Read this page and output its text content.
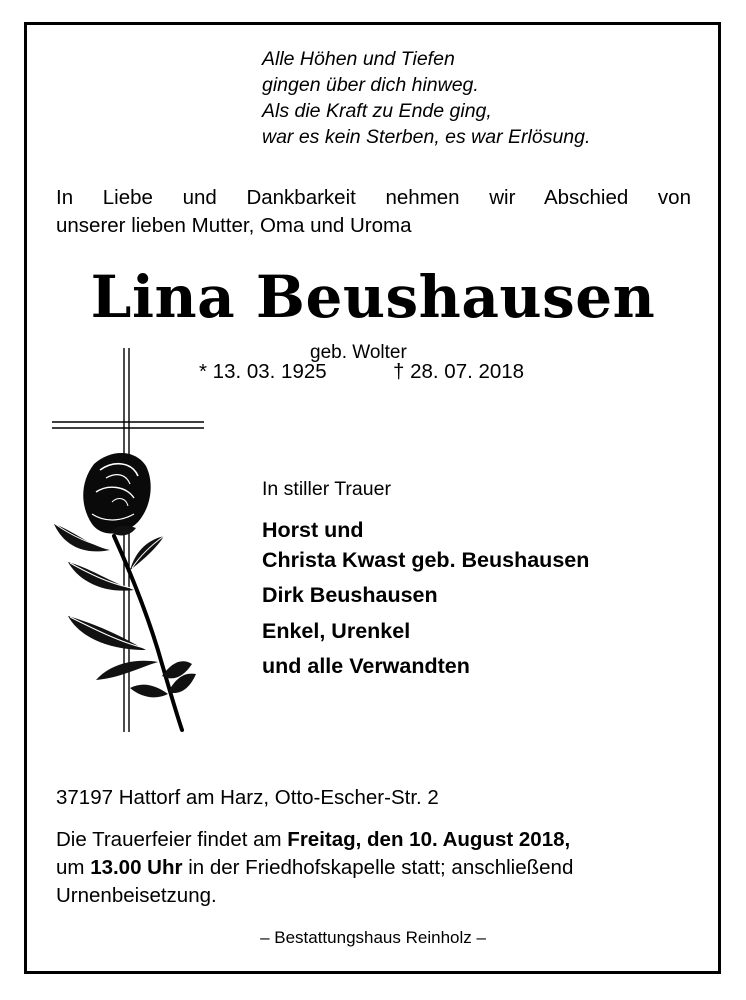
Alle Höhen und Tiefen
gingen über dich hinweg.
Als die Kraft zu Ende ging,
war es kein Sterben, es war Erlösung.
In Liebe und Dankbarkeit nehmen wir Abschied von
unserer lieben Mutter, Oma und Uroma
Lina Beushausen
geb. Wolter
* 13. 03. 1925	† 28. 07. 2018
In stiller Trauer
Horst und
Christa Kwast geb. Beushausen
Dirk Beushausen
Enkel, Urenkel
und alle Verwandten
37197 Hattorf am Harz, Otto-Escher-Str. 2
Die Trauerfeier findet am Freitag, den 10. August 2018,
um 13.00 Uhr in der Friedhofskapelle statt; anschließend
Urnenbeisetzung.
– Bestattungshaus Reinholz –
